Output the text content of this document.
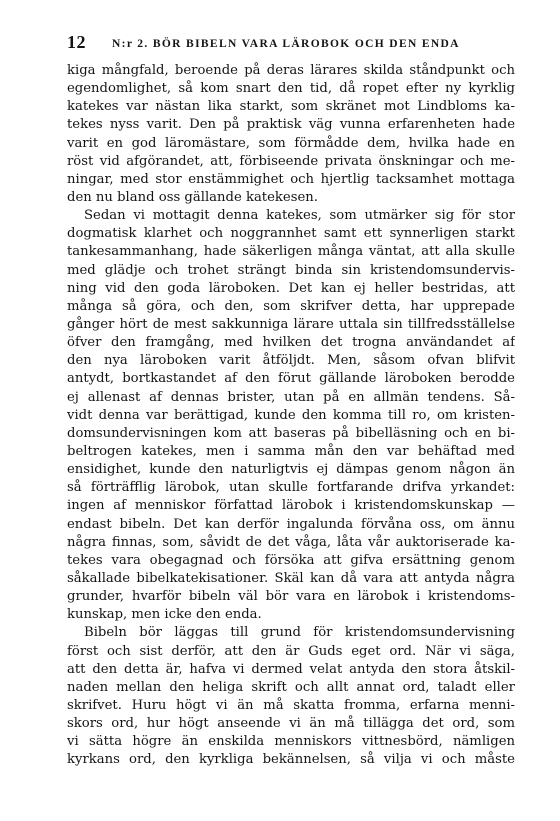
12 N:r 2. BÖR BIBELN VARA LÄROBOK OCH DEN ENDA
kiga mångfald, beroende på deras lärares skilda ståndpunkt och
egendomlighet, så kom snart den tid, då ropet efter ny kyrklig
katekes var nästan lika starkt, som skränet mot Lindbloms ka-
tekes nyss varit. Den på praktisk väg vunna erfarenheten hade
varit en god läromästare, som förmådde dem, hvilka hade en
röst vid afgörandet, att, förbiseende privata önskningar och me-
ningar, med stor enstämmighet och hjertlig tacksamhet mottaga
den nu bland oss gällande katekesen.
Sedan vi mottagit denna katekes, som utmärker sig för stor
dogmatisk klarhet och noggrannhet samt ett synnerligen starkt
tankesammanhang, hade säkerligen många väntat, att alla skulle
med glädje och trohet strängt binda sin kristendomsundervis-
ning vid den goda läroboken. Det kan ej heller bestridas, att
många så göra, och den, som skrifver detta, har upprepade
gånger hört de mest sakkunniga lärare uttala sin tillfredsställelse
öfver den framgång, med hvilken det trogna användandet af
den nya läroboken varit åtföljdt. Men, såsom ofvan blifvit
antydt, bortkastandet af den förut gällande läroboken berodde
ej allenast af dennas brister, utan på en allmän tendens. Så-
vidt denna var berättigad, kunde den komma till ro, om kristen-
domsundervisningen kom att baseras på bibelläsning och en bi-
beltrogen katekes, men i samma mån den var behäftad med
ensidighet, kunde den naturligtvis ej dämpas genom någon än
så förträfflig lärobok, utan skulle fortfarande drifva yrkandet:
ingen af menniskor författad lärobok i kristendomskunskap —
endast bibeln. Det kan derför ingalunda förvåna oss, om ännu
några finnas, som, såvidt de det våga, låta vår auktoriserade ka-
tekes vara obegagnad och försöka att gifva ersättning genom
såkallade bibelkatekisationer. Skäl kan då vara att antyda några
grunder, hvarför bibeln väl bör vara en lärobok i kristendoms-
kunskap, men icke den enda.
Bibeln bör läggas till grund för kristendomsundervisning
först och sist derför, att den är Guds eget ord. När vi säga,
att den detta är, hafva vi dermed velat antyda den stora åtskil-
naden mellan den heliga skrift och allt annat ord, taladt eller
skrifvet. Huru högt vi än må skatta fromma, erfarna menni-
skors ord, hur högt anseende vi än må tillägga det ord, som
vi sätta högre än enskilda menniskors vittnesbörd, nämligen
kyrkans ord, den kyrkliga bekännelsen, så vilja vi och måste
